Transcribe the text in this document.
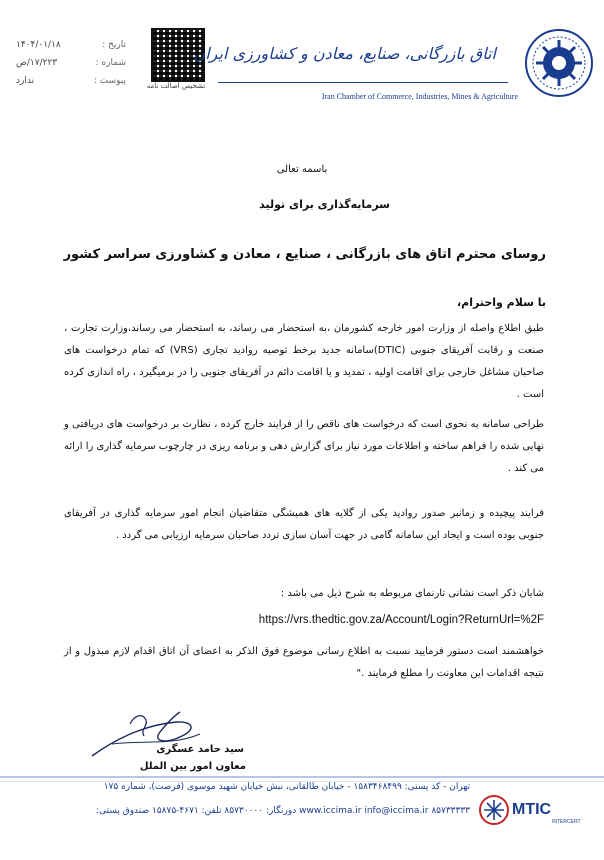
تاریخ :
۱۴۰۴/۰۱/۱۸
شماره :
۱۷/۲۲۳/ص
پیوست :
ندارد	تشخیص اصالت نامه
اتاق بازرگانی، صنایع، معادن و کشاورزی ایران
Iran Chamber of Commerce, Industries, Mines & Agriculture
باسمه تعالی
سرمایه‌گذاری برای تولید
روسای محترم اتاق های بازرگانی ، صنایع ، معادن و کشاورزی سراسر کشور
با سلام واحترام،
طبق اطلاع واصله از وزارت امور خارجه کشورمان ،به استحضار می رساند، به استحضار می رساند،وزارت تجارت ، صنعت و رقابت آفریقای جنوبی (DTIC)سامانه جدید برخط توصیه روادید تجاری (VRS) که تمام درخواست های صاحبان مشاغل خارجی برای اقامت اولیه ، تمدید و یا اقامت دائم در آفریقای جنوبی را در برمیگیرد ، راه اندازی کرده است .
طراحی سامانه به نحوی است که درخواست های ناقص را از فرایند خارج کرده ، نظارت بر درخواست های دریافتی و نهایی شده را فراهم ساخته و اطلاعات مورد نیاز برای گزارش دهی و برنامه ریزی در چارچوب سرمایه گذاری را ارائه می کند .
فرایند پیچیده و زمانبر صدور روادید یکی از گلایه های همیشگی متقاضیان انجام امور سرمایه گذاری در آفریقای جنوبی بوده است و ایجاد این سامانه گامی در جهت آسان سازی تردد صاحبان سرمایه ارزیابی می گردد .
شایان ذکر است نشانی تارنمای مربوطه به شرح ذیل می باشد :
https://vrs.thedtic.gov.za/Account/Login?ReturnUrl=%2F
خواهشمند است دستور فرمایید نسبت به اطلاع رسانی موضوع فوق الذکر به اعضای آن اتاق اقدام لازم مبذول و از نتیجه اقدامات این معاونت را مطلع فرمایند ."
سید حامد عسگری
معاون امور بین الملل
تهران - کد پستی: ۱۵۸۳۴۶۸۴۹۹ - خیابان طالقانی، نبش خیابان شهید موسوی (فرصت)، شماره ۱۷۵
www.iccima.ir info@iccima.ir ۸۵۷۳۳۳۳۳ دورنگار: ۸۵۷۳۰۰۰۰ تلفن: ۴۶۷۱-۱۵۸۷۵ صندوق پستی:	MTIC
INTERCERT
